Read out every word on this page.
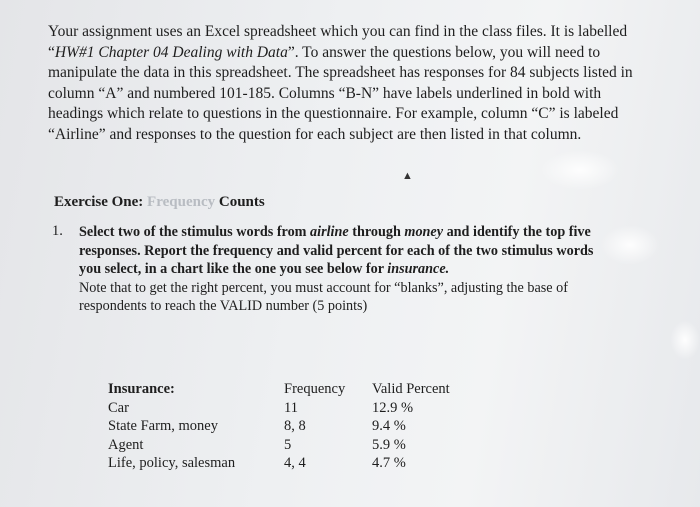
Your assignment uses an Excel spreadsheet which you can find in the class files. It is labelled “HW#1 Chapter 04 Dealing with Data”. To answer the questions below, you will need to manipulate the data in this spreadsheet. The spreadsheet has responses for 84 subjects listed in column “A” and numbered 101-185. Columns “B-N” have labels underlined in bold with headings which relate to questions in the questionnaire. For example, column “C” is labeled “Airline” and responses to the question for each subject are then listed in that column.
▲
Exercise One: Frequency Counts
1. Select two of the stimulus words from airline through money and identify the top five responses. Report the frequency and valid percent for each of the two stimulus words you select, in a chart like the one you see below for insurance.
Note that to get the right percent, you must account for “blanks”, adjusting the base of respondents to reach the VALID number (5 points)
Insurance:
Car
State Farm, money
Agent
Life, policy, salesman
Frequency
11
8, 8
5
4, 4
Valid Percent
12.9 %
9.4 %
5.9 %
4.7 %
